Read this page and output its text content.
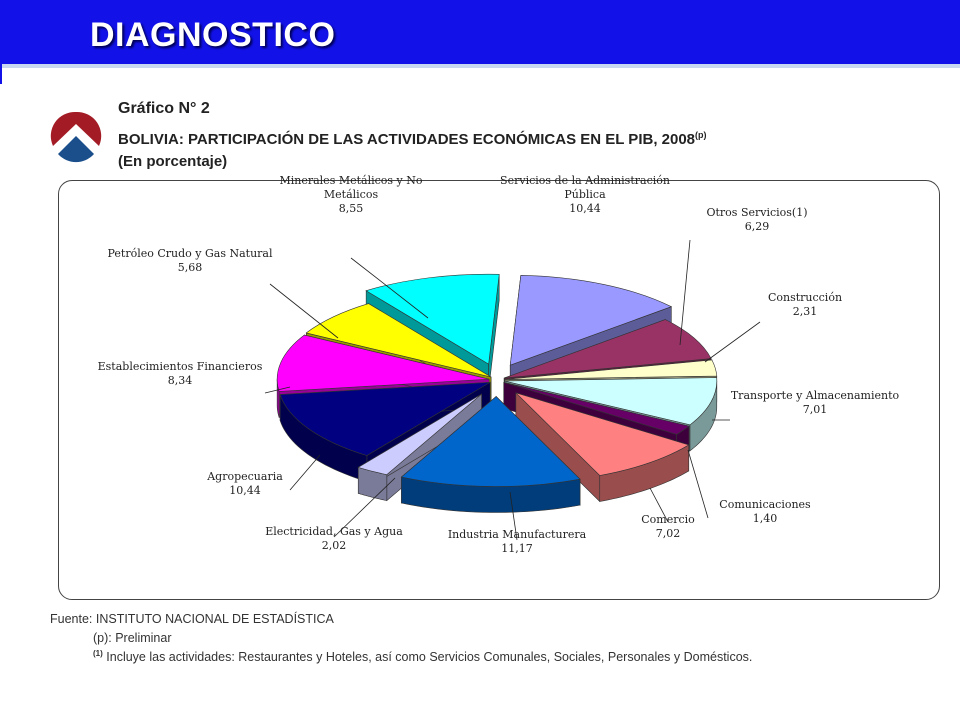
DIAGNOSTICO
Gráfico N° 2
BOLIVIA: PARTICIPACIÓN DE LAS ACTIVIDADES ECONÓMICAS EN EL PIB, 2008$^{(p)}$
(En porcentaje)
Servicios de la Administración
Pública
10,44	Otros Servicios(1)
6,29
Construcción
2,31
Transporte y Almacenamiento
7,01
Comunicaciones
1,40
Comercio
7,02
Industria Manufacturera
11,17
Electricidad, Gas y Agua
2,02
Agropecuaria
10,44
Establecimientos Financieros
8,34
Petróleo Crudo y Gas Natural
5,68
Minerales Metálicos y No
Metálicos
8,55
Fuente: INSTITUTO NACIONAL DE ESTADÍSTICA
(p): Preliminar
$^{(1)}$ Incluye las actividades: Restaurantes y Hoteles, así como Servicios Comunales, Sociales, Personales y Domésticos.
